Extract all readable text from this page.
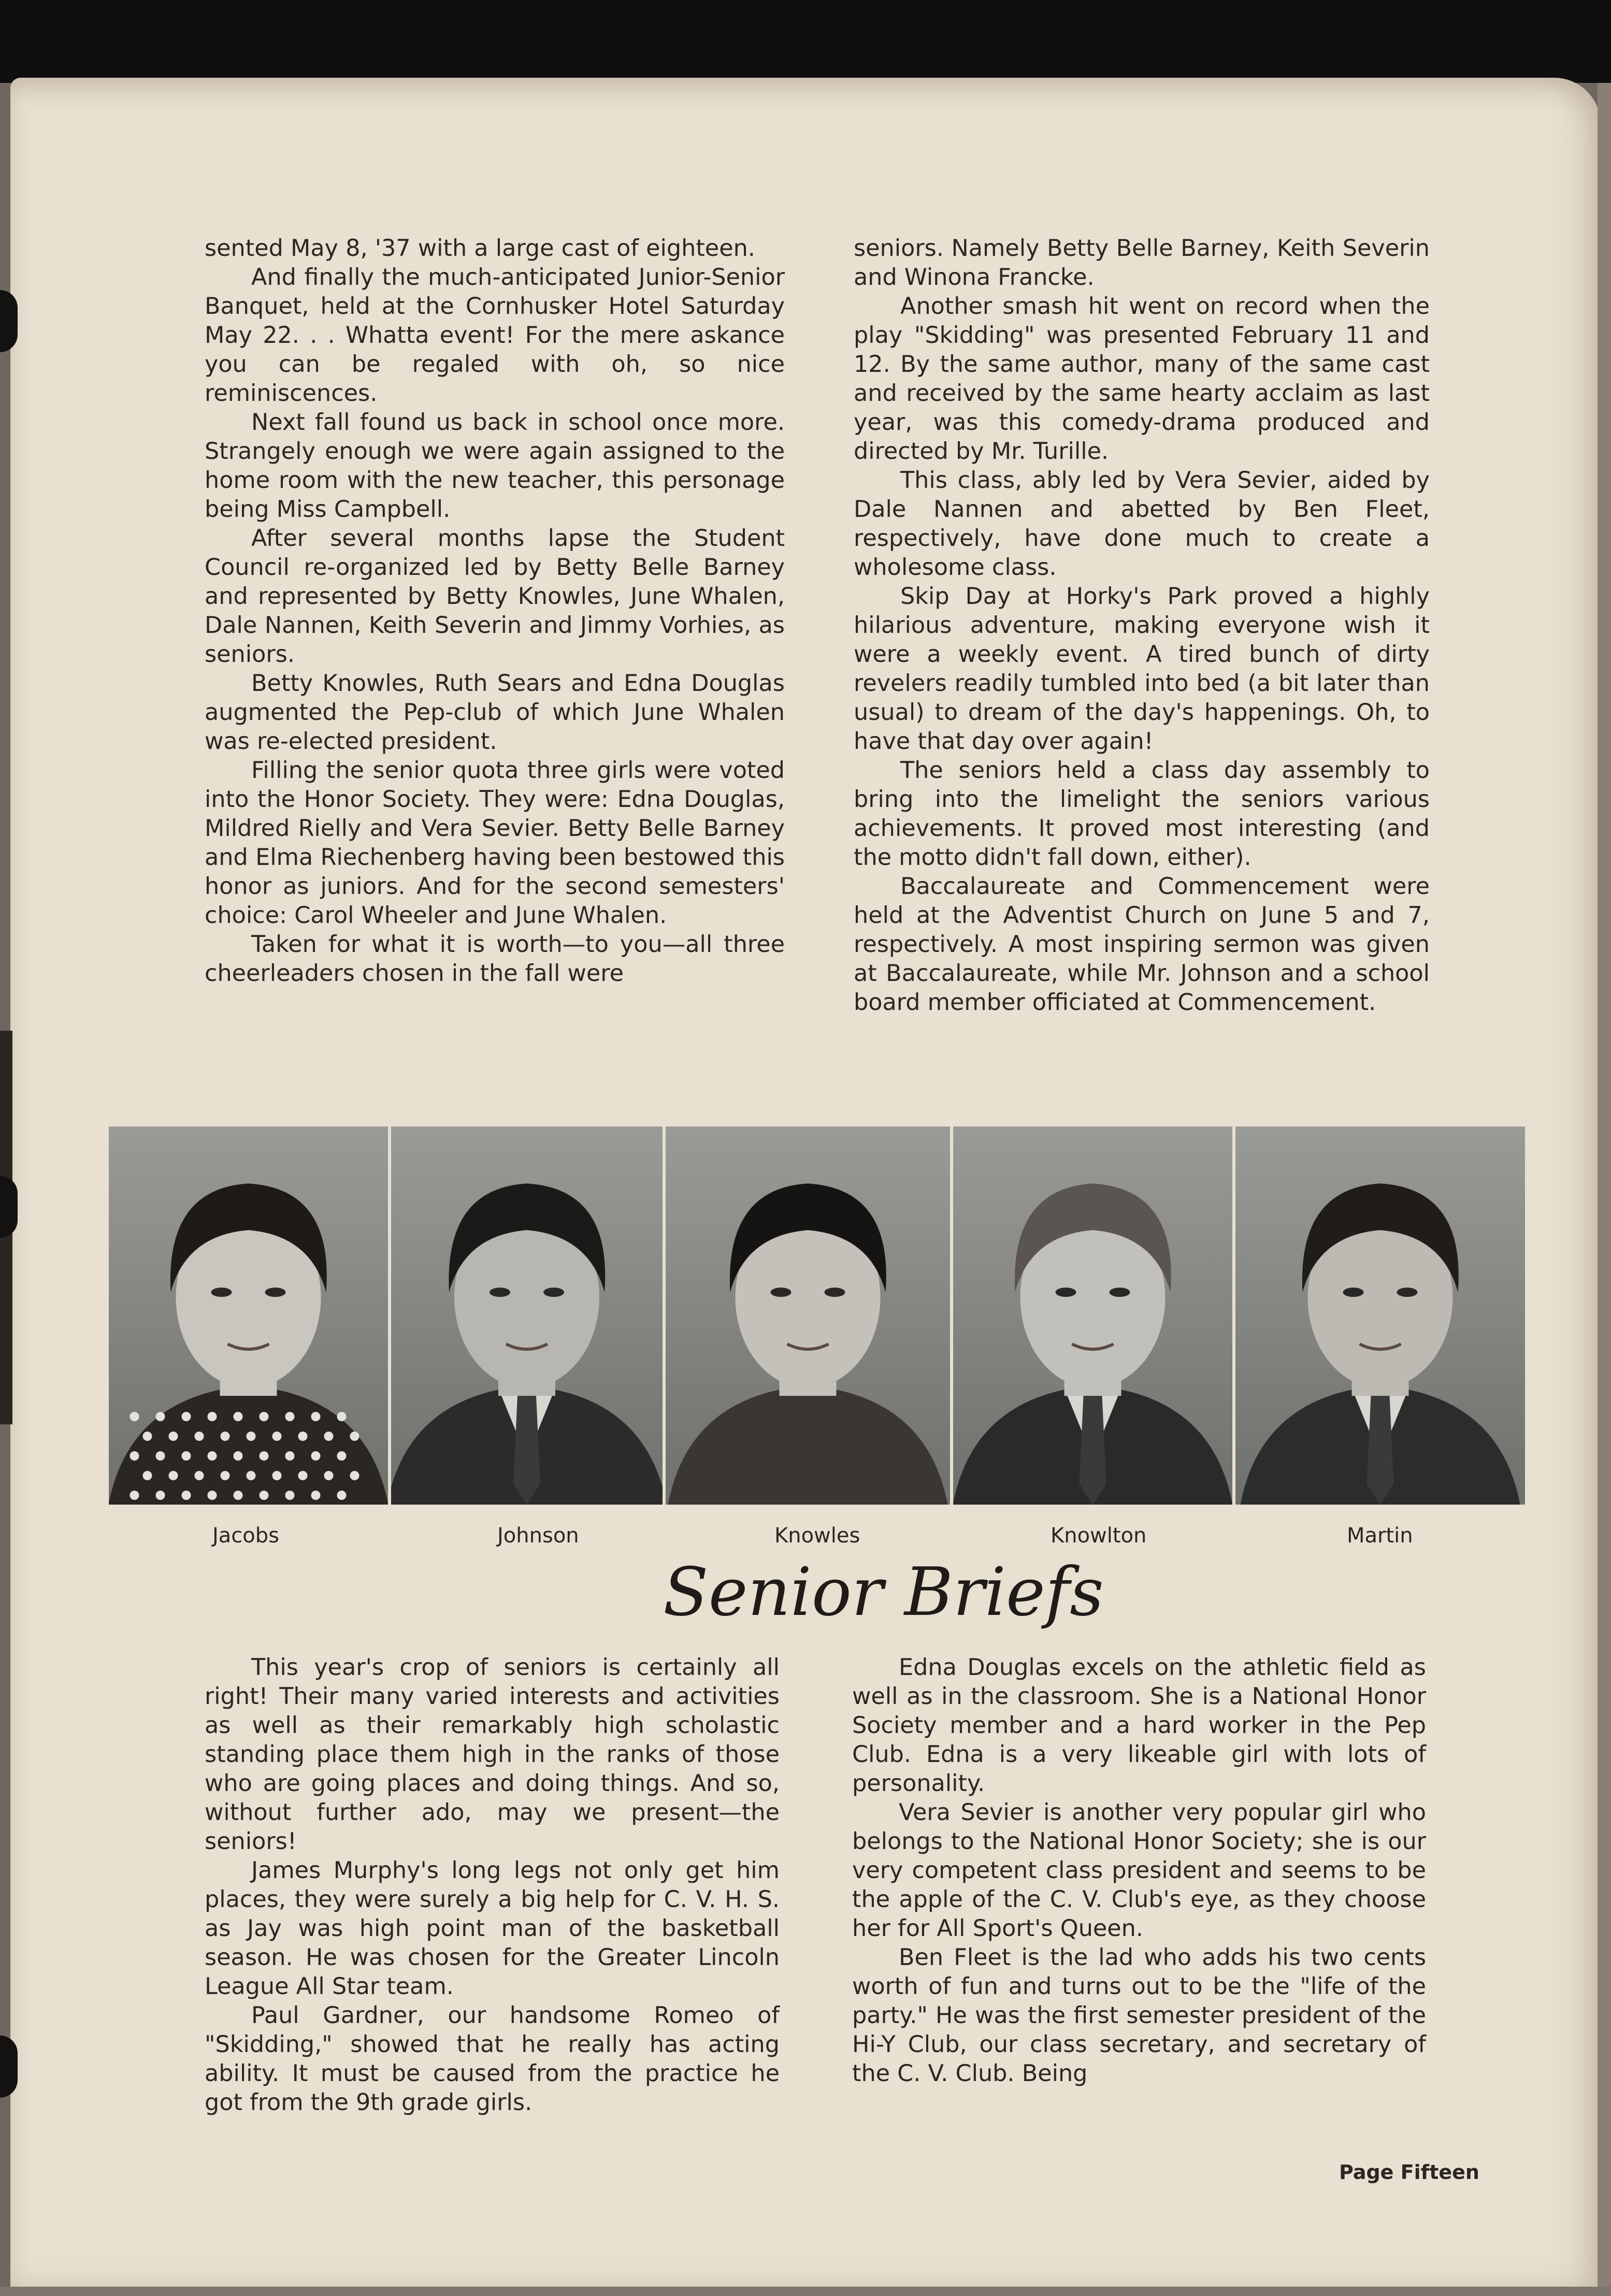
sented May 8, '37 with a large cast of eighteen.

And finally the much-anticipated Junior-Senior Banquet, held at the Cornhusker Hotel Saturday May 22. . . Whatta event! For the mere askance you can be regaled with oh, so nice reminiscences.

Next fall found us back in school once more. Strangely enough we were again assigned to the home room with the new teacher, this personage being Miss Campbell.

After several months lapse the Student Council re-organized led by Betty Belle Barney and represented by Betty Knowles, June Whalen, Dale Nannen, Keith Severin and Jimmy Vorhies, as seniors.

Betty Knowles, Ruth Sears and Edna Douglas augmented the Pep-club of which June Whalen was re-elected president.

Filling the senior quota three girls were voted into the Honor Society. They were: Edna Douglas, Mildred Rielly and Vera Sevier. Betty Belle Barney and Elma Riechenberg having been bestowed this honor as juniors. And for the second semesters' choice: Carol Wheeler and June Whalen.

Taken for what it is worth—to you—all three cheerleaders chosen in the fall were

seniors. Namely Betty Belle Barney, Keith Severin and Winona Francke.

Another smash hit went on record when the play "Skidding" was presented February 11 and 12. By the same author, many of the same cast and received by the same hearty acclaim as last year, was this comedy-drama produced and directed by Mr. Turille.

This class, ably led by Vera Sevier, aided by Dale Nannen and abetted by Ben Fleet, respectively, have done much to create a wholesome class.

Skip Day at Horky's Park proved a highly hilarious adventure, making everyone wish it were a weekly event. A tired bunch of dirty revelers readily tumbled into bed (a bit later than usual) to dream of the day's happenings. Oh, to have that day over again!

The seniors held a class day assembly to bring into the limelight the seniors various achievements. It proved most interesting (and the motto didn't fall down, either).

Baccalaureate and Commencement were held at the Adventist Church on June 5 and 7, respectively. A most inspiring sermon was given at Baccalaureate, while Mr. Johnson and a school board member officiated at Commencement.

Jacobs	Johnson	Knowles	Knowlton	Martin
Senior Briefs

This year's crop of seniors is certainly all right! Their many varied interests and activities as well as their remarkably high scholastic standing place them high in the ranks of those who are going places and doing things. And so, without further ado, may we present—the seniors!

James Murphy's long legs not only get him places, they were surely a big help for C. V. H. S. as Jay was high point man of the basketball season. He was chosen for the Greater Lincoln League All Star team.

Paul Gardner, our handsome Romeo of "Skidding," showed that he really has acting ability. It must be caused from the practice he got from the 9th grade girls.

Edna Douglas excels on the athletic field as well as in the classroom. She is a National Honor Society member and a hard worker in the Pep Club. Edna is a very likeable girl with lots of personality.

Vera Sevier is another very popular girl who belongs to the National Honor Society; she is our very competent class president and seems to be the apple of the C. V. Club's eye, as they choose her for All Sport's Queen.

Ben Fleet is the lad who adds his two cents worth of fun and turns out to be the "life of the party." He was the first semester president of the Hi-Y Club, our class secretary, and secretary of the C. V. Club. Being

Page Fifteen
